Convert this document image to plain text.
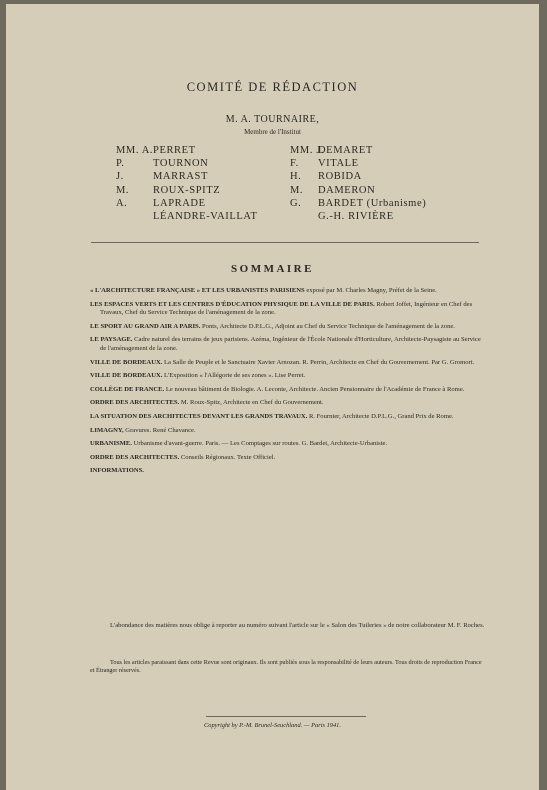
COMITÉ DE RÉDACTION
M. A. TOURNAIRE,
Membre de l'Institut
MM. A. PERRET
P.	TOURNON
J.	MARRAST
M. ROUX-SPITZ
A. LAPRADE
LÉANDRE-VAILLAT
MM. J.
DEMARET
F. VITALE
H. ROBIDA
M. DAMERON
G. BARDET (Urbanisme)
G.-H. RIVIÈRE
SOMMAIRE
« L'ARCHITECTURE FRANÇAISE » ET LES URBANISTES PARISIENS exposé par M. Charles Magny, Préfet de la Seine.
LES ESPACES VERTS ET LES CENTRES D'ÉDUCATION PHYSIQUE DE LA VILLE DE PARIS. Robert Joffet, Ingénieur en Chef des Travaux, Chef du Service Technique de l'aménagement de la zone.
LE SPORT AU GRAND AIR A PARIS. Ponts, Architecte D.P.L.G., Adjoint au Chef du Service Technique de l'aménagement de la zone.
LE PAYSAGE. Cadre naturel des terrains de jeux parisiens. Azéma, Ingénieur de l'École Nationale d'Horticulture, Architecte-Paysagiste au Service de l'aménagement de la zone.
VILLE DE BORDEAUX. La Salle de Peuple et le Sanctuaire Xavier Arnozan. R. Perrin, Architecte en Chef du Gouvernement. Par G. Gromort.
VILLE DE BORDEAUX. L'Exposition « l'Allégorie de ses zones ». Lise Perret.
COLLÈGE DE FRANCE. Le nouveau bâtiment de Biologie. A. Leconte, Architecte. Ancien Pensionnaire de l'Académie de France à Rome.
ORDRE DES ARCHITECTES. M. Roux-Spitz, Architecte en Chef du Gouvernement.
LA SITUATION DES ARCHITECTES DEVANT LES GRANDS TRAVAUX. R. Fournier, Architecte D.P.L.G., Grand Prix de Rome.
LIMAGNY, Gravures. René Chavance.
URBANISME. Urbanisme d'avant-guerre. Paris. — Les Comptages sur routes. G. Bardet, Architecte-Urbaniste.
ORDRE DES ARCHITECTES. Conseils Régionaux. Texte Officiel.
INFORMATIONS.
L'abondance des matières nous oblige à reporter au numéro suivant l'article sur le « Salon des Tuileries » de notre collaborateur M. F. Roches.
Tous les articles paraissant dans cette Revue sont originaux. Ils sont publiés sous la responsabilité de leurs auteurs. Tous droits de reproduction France et Étranger réservés.
Copyright by P.-M. Brunel-Seuchland. — Paris 1941.
